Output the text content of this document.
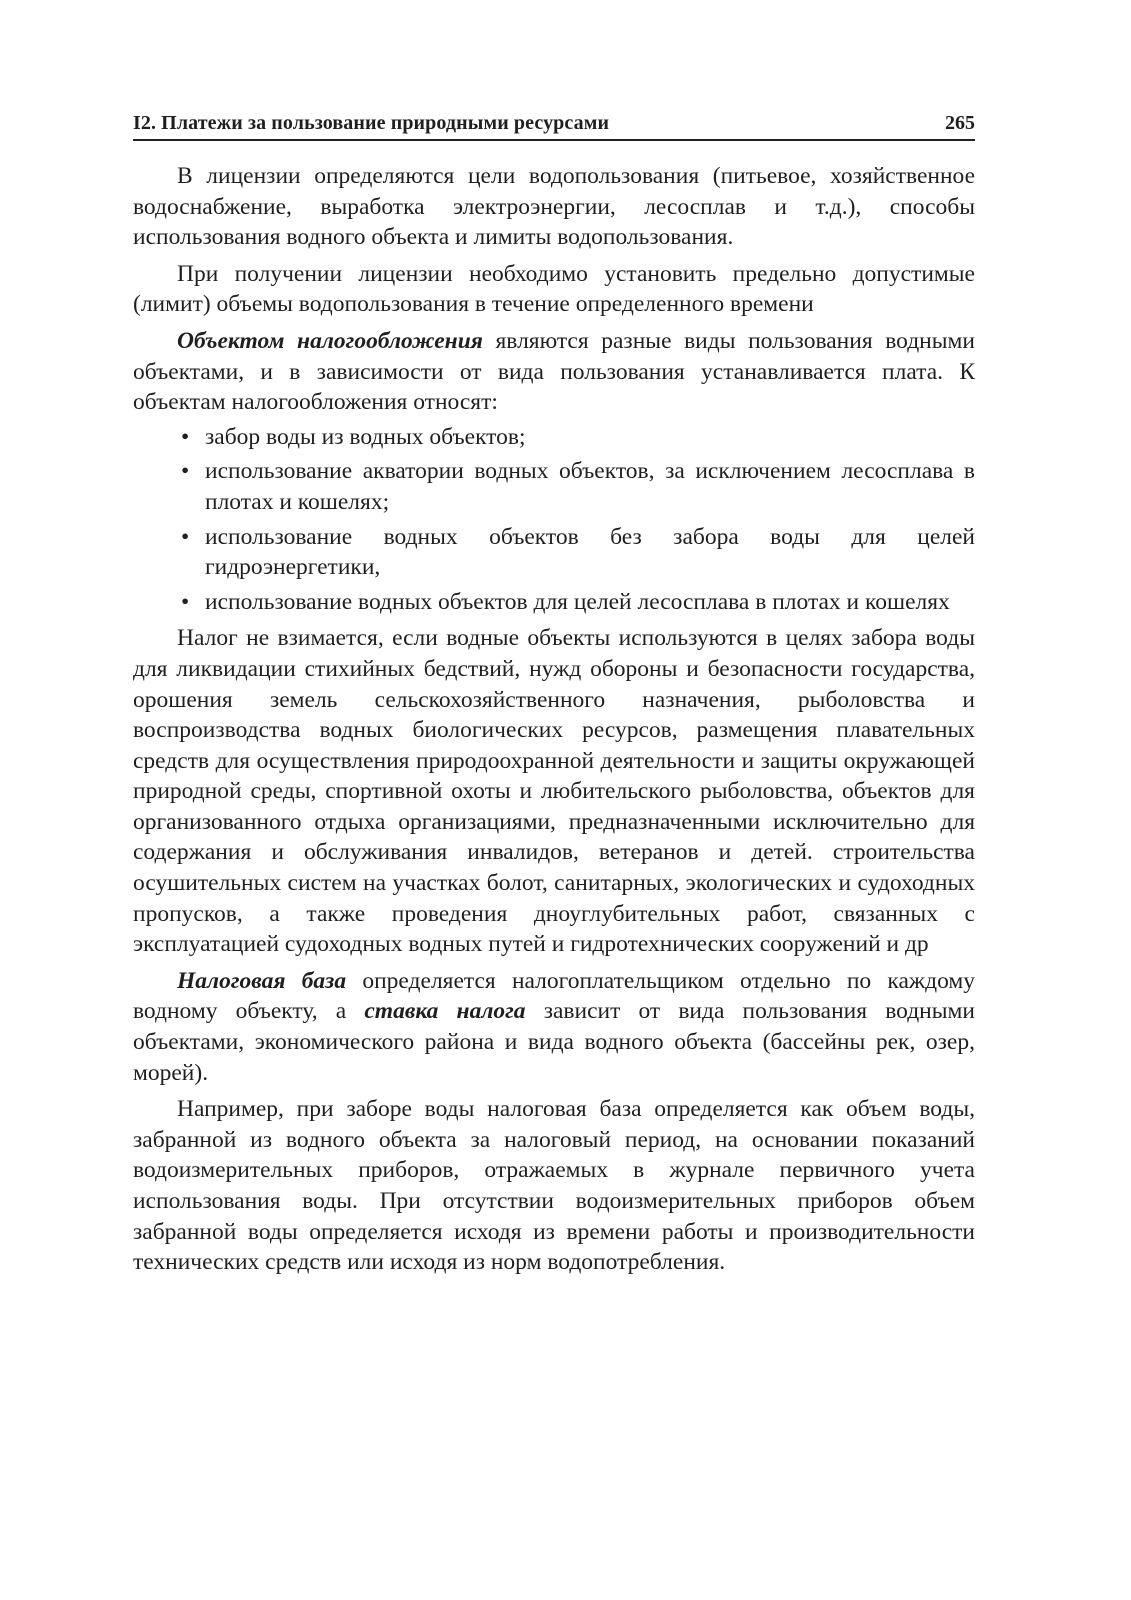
I2. Платежи за пользование природными ресурсами	265

В лицензии определяются цели водопользования (питьевое, хозяйственное водоснабжение, выработка электроэнергии, лесосплав и т.д.), способы использования водного объекта и лимиты водопользования.

При получении лицензии необходимо установить предельно допустимые (лимит) объемы водопользования в течение определенного времени

Объектом налогообложения являются разные виды пользования водными объектами, и в зависимости от вида пользования устанавливается плата. К объектам налогообложения относят:

• забор воды из водных объектов;
• использование акватории водных объектов, за исключением лесосплава в плотах и кошелях;
• использование водных объектов без забора воды для целей гидроэнергетики,
• использование водных объектов для целей лесосплава в плотах и кошелях

Налог не взимается, если водные объекты используются в целях забора воды для ликвидации стихийных бедствий, нужд обороны и безопасности государства, орошения земель сельскохозяйственного назначения, рыболовства и воспроизводства водных биологических ресурсов, размещения плавательных средств для осуществления природоохранной деятельности и защиты окружающей природной среды, спортивной охоты и любительского рыболовства, объектов для организованного отдыха организациями, предназначенными исключительно для содержания и обслуживания инвалидов, ветеранов и детей. строительства осушительных систем на участках болот, санитарных, экологических и судоходных пропусков, а также проведения дноуглубительных работ, связанных с эксплуатацией судоходных водных путей и гидротехнических сооружений и др

Налоговая база определяется налогоплательщиком отдельно по каждому водному объекту, а ставка налога зависит от вида пользования водными объектами, экономического района и вида водного объекта (бассейны рек, озер, морей).

Например, при заборе воды налоговая база определяется как объем воды, забранной из водного объекта за налоговый период, на основании показаний водоизмерительных приборов, отражаемых в журнале первичного учета использования воды. При отсутствии водоизмерительных приборов объем забранной воды определяется исходя из времени работы и производительности технических средств или исходя из норм водопотребления.
